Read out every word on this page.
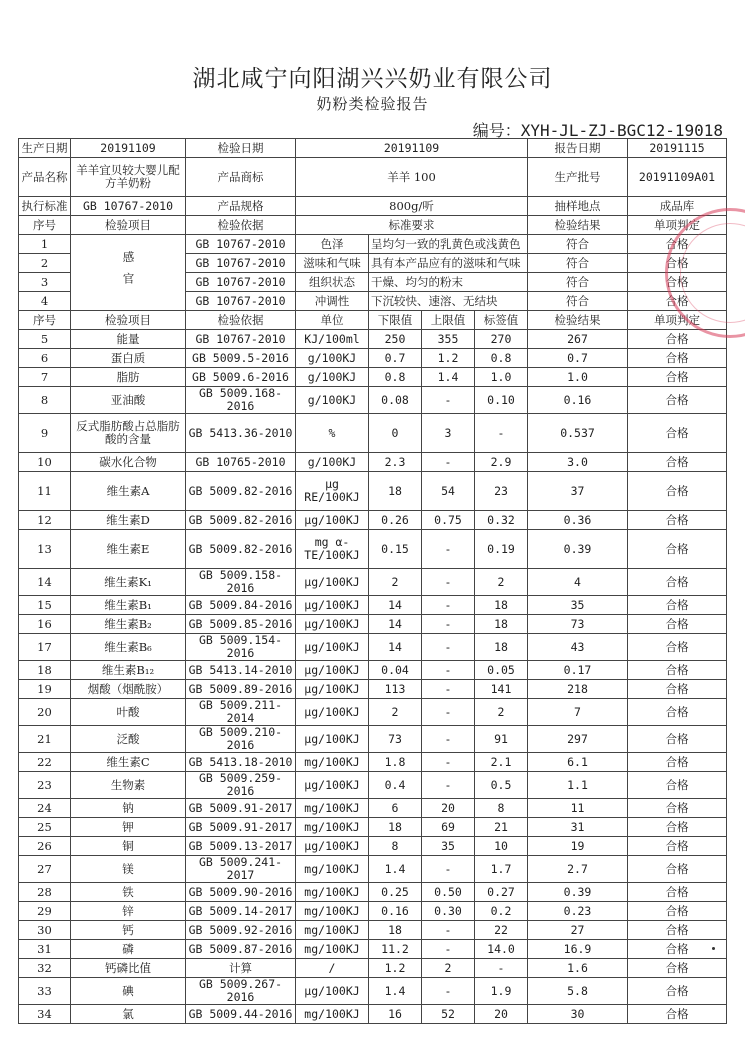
湖北咸宁向阳湖兴兴奶业有限公司
奶粉类检验报告
编号：XYH-JL-ZJ-BGC12-19018
生产日期	20191109	检验日期	20191109				报告日期	20191115
产品名称	羊羊宜贝较大婴儿配方羊奶粉	产品商标	羊羊 100				生产批号	20191109A01
执行标准	GB 10767-2010	产品规格	800g/听				抽样地点	成品库
序号	检验项目	检验依据	标准要求				检验结果	单项判定
1	感官	GB 10767-2010	色泽	呈均匀一致的乳黄色或浅黄色			符合	合格
2		GB 10767-2010	滋味和气味	具有本产品应有的滋味和气味			符合	合格
3		GB 10767-2010	组织状态	干燥、均匀的粉末			符合	合格
4		GB 10767-2010	冲调性	下沉较快、速溶、无结块			符合	合格
序号	检验项目	检验依据	单位	下限值	上限值	标签值	检验结果	单项判定
5	能量	GB 10767-2010	KJ/100ml	250	355	270	267	合格
6	蛋白质	GB 5009.5-2016	g/100KJ	0.7	1.2	0.8	0.7	合格
7	脂肪	GB 5009.6-2016	g/100KJ	0.8	1.4	1.0	1.0	合格
8	亚油酸	GB 5009.168-2016	g/100KJ	0.08	-	0.10	0.16	合格
9	反式脂肪酸占总脂肪酸的含量	GB 5413.36-2010	%	0	3	-	0.537	合格
10	碳水化合物	GB 10765-2010	g/100KJ	2.3	-	2.9	3.0	合格
11	维生素A	GB 5009.82-2016	μg RE/100KJ	18	54	23	37	合格
12	维生素D	GB 5009.82-2016	μg/100KJ	0.26	0.75	0.32	0.36	合格
13	维生素E	GB 5009.82-2016	mg α-TE/100KJ	0.15	-	0.19	0.39	合格
14	维生素K₁	GB 5009.158-2016	μg/100KJ	2	-	2	4	合格
15	维生素B₁	GB 5009.84-2016	μg/100KJ	14	-	18	35	合格
16	维生素B₂	GB 5009.85-2016	μg/100KJ	14	-	18	73	合格
17	维生素B₆	GB 5009.154-2016	μg/100KJ	14	-	18	43	合格
18	维生素B₁₂	GB 5413.14-2010	μg/100KJ	0.04	-	0.05	0.17	合格
19	烟酸（烟酰胺）	GB 5009.89-2016	μg/100KJ	113	-	141	218	合格
20	叶酸	GB 5009.211-2014	μg/100KJ	2	-	2	7	合格
21	泛酸	GB 5009.210-2016	μg/100KJ	73	-	91	297	合格
22	维生素C	GB 5413.18-2010	mg/100KJ	1.8	-	2.1	6.1	合格
23	生物素	GB 5009.259-2016	μg/100KJ	0.4	-	0.5	1.1	合格
24	钠	GB 5009.91-2017	mg/100KJ	6	20	8	11	合格
25	钾	GB 5009.91-2017	mg/100KJ	18	69	21	31	合格
26	铜	GB 5009.13-2017	μg/100KJ	8	35	10	19	合格
27	镁	GB 5009.241-2017	mg/100KJ	1.4	-	1.7	2.7	合格
28	铁	GB 5009.90-2016	mg/100KJ	0.25	0.50	0.27	0.39	合格
29	锌	GB 5009.14-2017	mg/100KJ	0.16	0.30	0.2	0.23	合格
30	钙	GB 5009.92-2016	mg/100KJ	18	-	22	27	合格
31	磷	GB 5009.87-2016	mg/100KJ	11.2	-	14.0	16.9	合格
32	钙磷比值	计算	/	1.2	2	-	1.6	合格
33	碘	GB 5009.267-2016	μg/100KJ	1.4	-	1.9	5.8	合格
34	氯	GB 5009.44-2016	mg/100KJ	16	52	20	30	合格
